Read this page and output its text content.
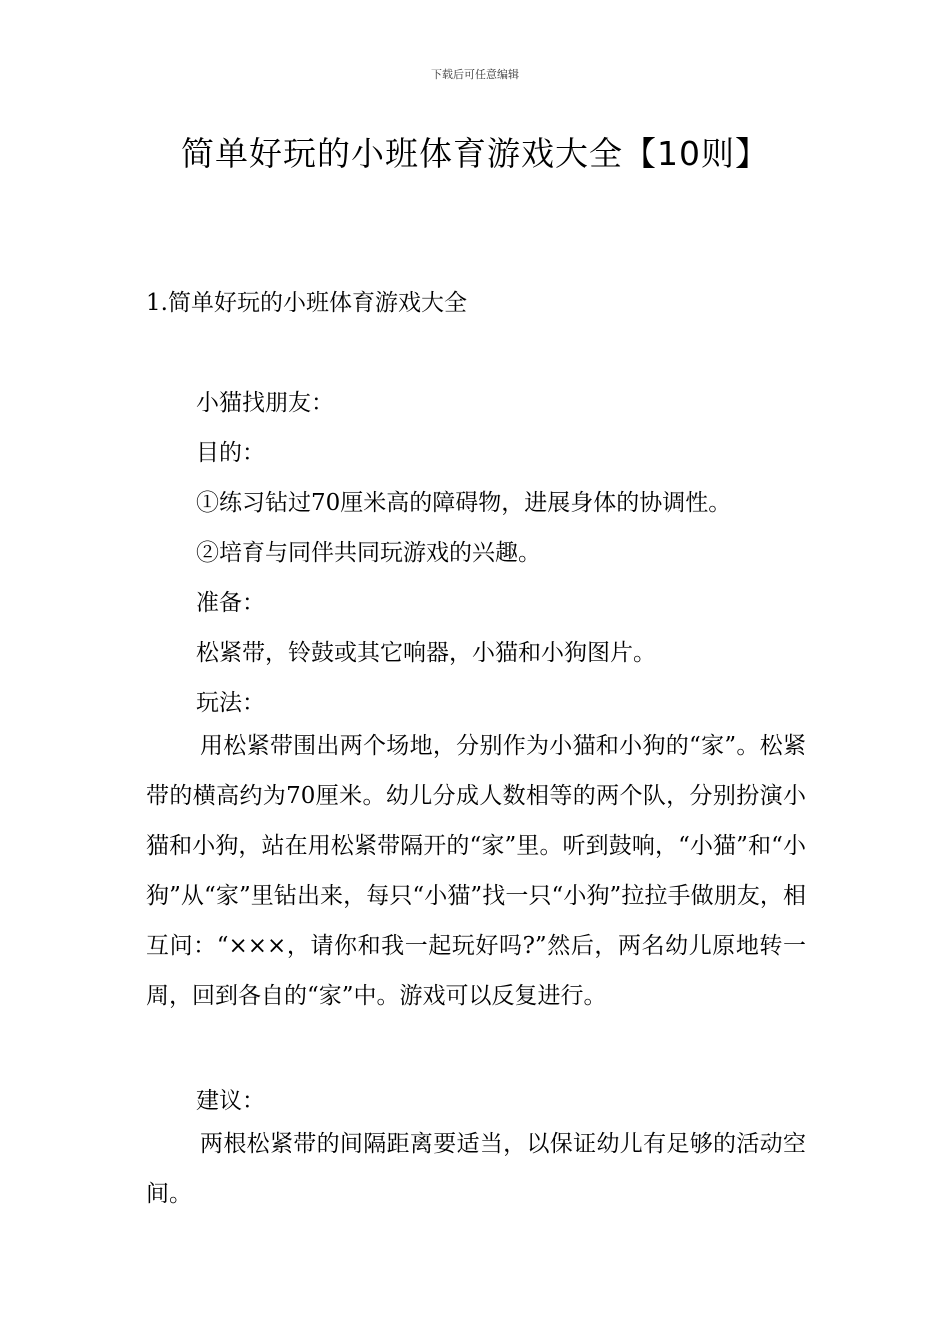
下载后可任意编辑
简单好玩的小班体育游戏大全【10则】
1.简单好玩的小班体育游戏大全

小猫找朋友：

目的：

①练习钻过70厘米高的障碍物，进展身体的协调性。

②培育与同伴共同玩游戏的兴趣。

准备：

松紧带，铃鼓或其它响器，小猫和小狗图片。

玩法：

用松紧带围出两个场地，分别作为小猫和小狗的“家”。松紧带的横高约为70厘米。幼儿分成人数相等的两个队，分别扮演小猫和小狗，站在用松紧带隔开的“家”里。听到鼓响，“小猫”和“小狗”从“家”里钻出来，每只“小猫”找一只“小狗”拉拉手做朋友，相互问：“×××，请你和我一起玩好吗?”然后，两名幼儿原地转一周，回到各自的“家”中。游戏可以反复进行。

建议：

两根松紧带的间隔距离要适当，以保证幼儿有足够的活动空间。
